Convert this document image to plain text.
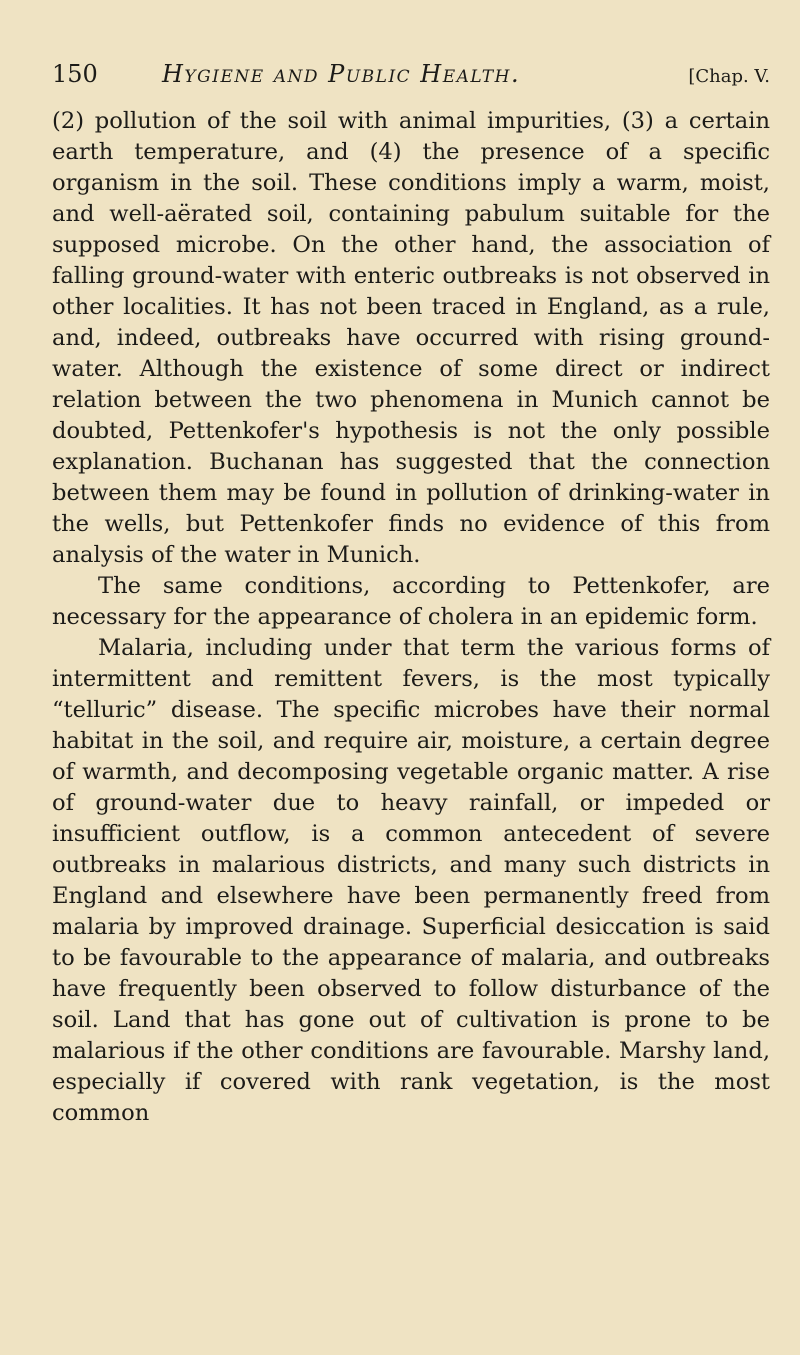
150	Hygiene and Public Health.	[Chap. V.

(2) pollution of the soil with animal impurities, (3) a certain earth temperature, and (4) the presence of a specific organism in the soil. These conditions imply a warm, moist, and well-aërated soil, containing pabulum suitable for the supposed microbe. On the other hand, the association of falling ground-water with enteric outbreaks is not observed in other localities. It has not been traced in England, as a rule, and, indeed, outbreaks have occurred with rising ground-water. Although the existence of some direct or indirect relation between the two phenomena in Munich cannot be doubted, Pettenkofer's hypothesis is not the only possible explanation. Buchanan has suggested that the connection between them may be found in pollution of drinking-water in the wells, but Pettenkofer finds no evidence of this from analysis of the water in Munich.

The same conditions, according to Pettenkofer, are necessary for the appearance of cholera in an epidemic form.

Malaria, including under that term the various forms of intermittent and remittent fevers, is the most typically “telluric” disease. The specific microbes have their normal habitat in the soil, and require air, moisture, a certain degree of warmth, and decomposing vegetable organic matter. A rise of ground-water due to heavy rainfall, or impeded or insufficient outflow, is a common antecedent of severe outbreaks in malarious districts, and many such districts in England and elsewhere have been permanently freed from malaria by improved drainage. Superficial desiccation is said to be favourable to the appearance of malaria, and outbreaks have frequently been observed to follow disturbance of the soil. Land that has gone out of cultivation is prone to be malarious if the other conditions are favourable. Marshy land, especially if covered with rank vegetation, is the most common
